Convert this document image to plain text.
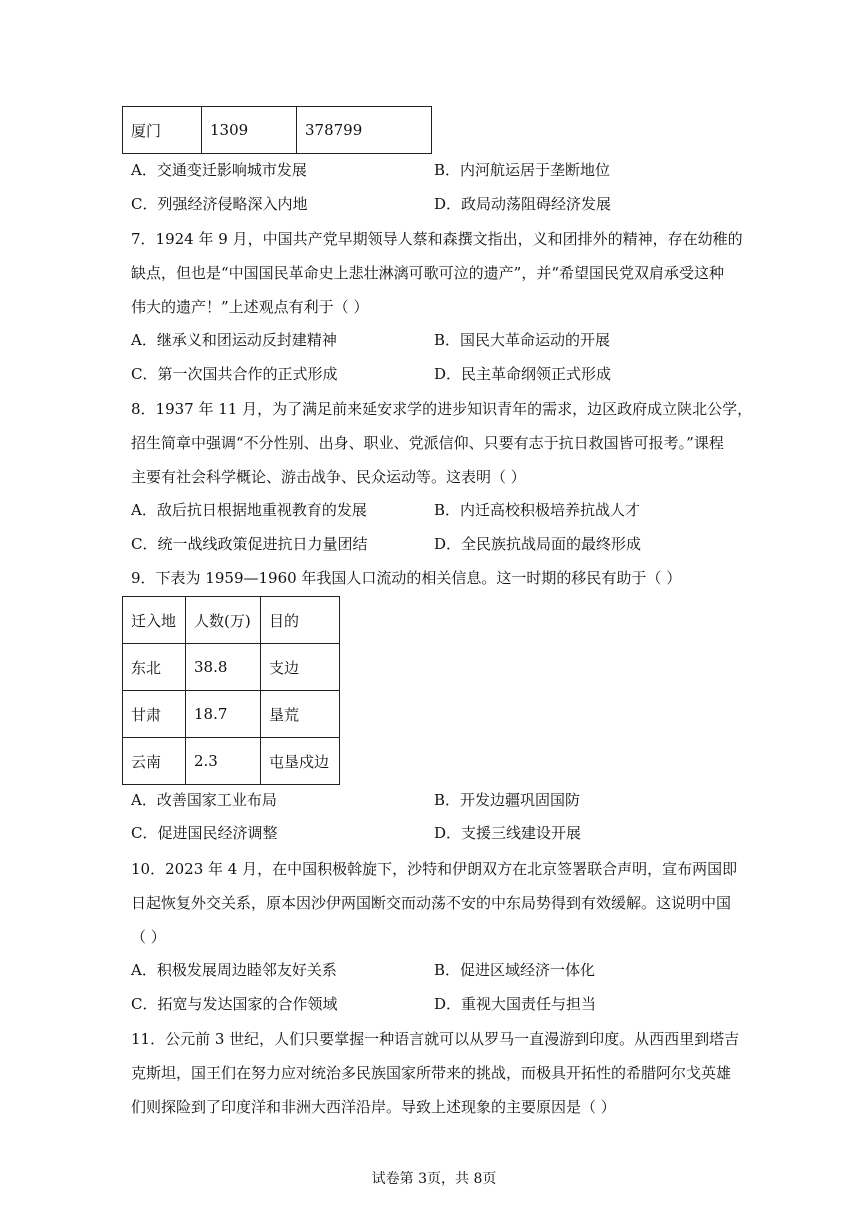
厦门	1309	378799
A．交通变迁影响城市发展	B．内河航运居于垄断地位
C．列强经济侵略深入内地	D．政局动荡阻碍经济发展
7．1924 年 9 月，中国共产党早期领导人蔡和森撰文指出，义和团排外的精神，存在幼稚的
缺点，但也是“中国国民革命史上悲壮淋漓可歌可泣的遗产”，并“希望国民党双肩承受这种
伟大的遗产！”上述观点有利于（ ）
A．继承义和团运动反封建精神	B．国民大革命运动的开展
C．第一次国共合作的正式形成	D．民主革命纲领正式形成
8．1937 年 11 月，为了满足前来延安求学的进步知识青年的需求，边区政府成立陕北公学，
招生简章中强调“不分性别、出身、职业、党派信仰、只要有志于抗日救国皆可报考。”课程
主要有社会科学概论、游击战争、民众运动等。这表明（ ）
A．敌后抗日根据地重视教育的发展	B．内迁高校积极培养抗战人才
C．统一战线政策促进抗日力量团结	D．全民族抗战局面的最终形成
9．下表为 1959—1960 年我国人口流动的相关信息。这一时期的移民有助于（ ）
迁入地	人数(万)	目的
东北	38.8	支边
甘肃	18.7	垦荒
云南	2.3	屯垦戍边
A．改善国家工业布局	B．开发边疆巩固国防
C．促进国民经济调整	D．支援三线建设开展
10．2023 年 4 月，在中国积极斡旋下，沙特和伊朗双方在北京签署联合声明，宣布两国即
日起恢复外交关系，原本因沙伊两国断交而动荡不安的中东局势得到有效缓解。这说明中国
（ ）
A．积极发展周边睦邻友好关系	B．促进区域经济一体化
C．拓宽与发达国家的合作领域	D．重视大国责任与担当
11．公元前 3 世纪，人们只要掌握一种语言就可以从罗马一直漫游到印度。从西西里到塔吉
克斯坦，国王们在努力应对统治多民族国家所带来的挑战，而极具开拓性的希腊阿尔戈英雄
们则探险到了印度洋和非洲大西洋沿岸。导致上述现象的主要原因是（ ）
试卷第 3页，共 8页
